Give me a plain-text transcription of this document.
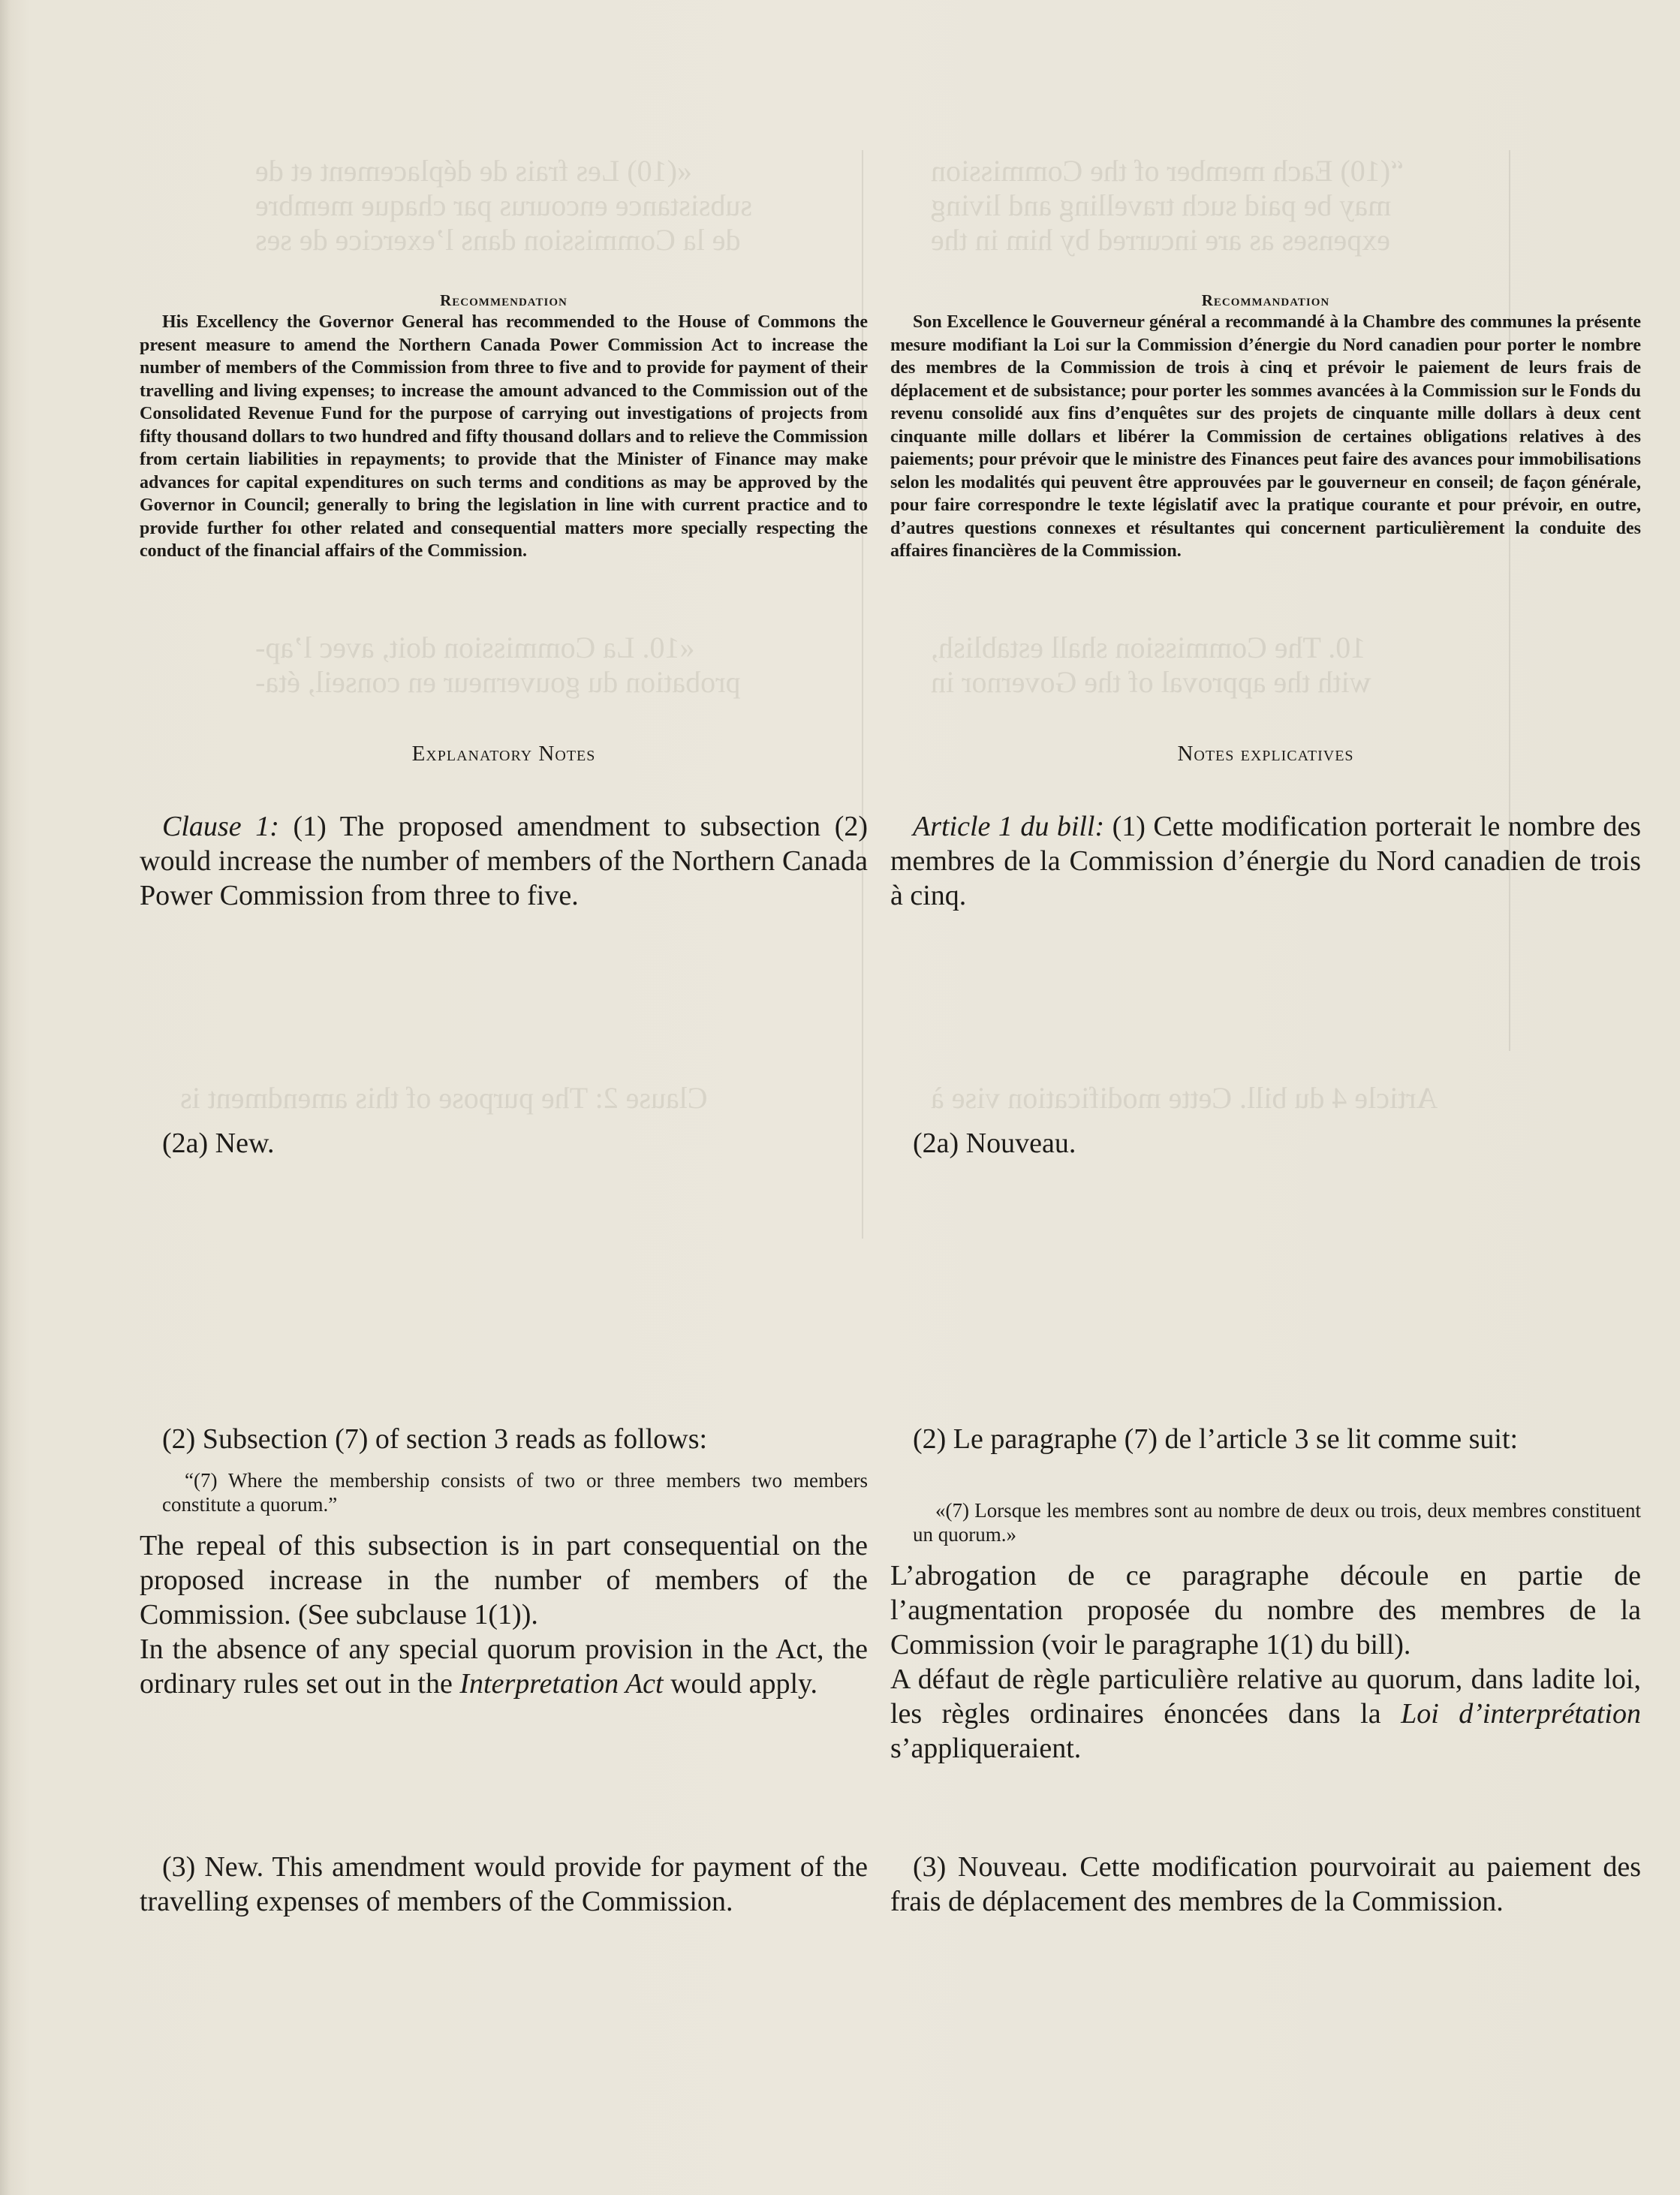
“(10) Each member of the Commission
may be paid such travelling and living
expenses as are incurred by him in the
«(10) Les frais de déplacement et de
subsistance encourus par chaque membre
de la Commission dans l’exercice de ses
10. The Commission shall establish,
with the approval of the Governor in
«10. La Commission doit, avec l’ap-
probation du gouverneur en conseil, éta-
Article 4 du bill. Cette modification vise à
Clause 2: The purpose of this amendment is
Recommendation
His Excellency the Governor General has recommended to the House of Commons the present measure to amend the Northern Canada Power Commission Act to increase the number of members of the Commission from three to five and to provide for payment of their travelling and living expenses; to increase the amount advanced to the Commission out of the Consolidated Revenue Fund for the purpose of carrying out investigations of projects from fifty thousand dollars to two hundred and fifty thousand dollars and to relieve the Commission from certain liabilities in repayments; to provide that the Minister of Finance may make advances for capital expenditures on such terms and conditions as may be approved by the Governor in Council; generally to bring the legislation in line with current practice and to provide further foı other related and consequential matters more specially respecting the conduct of the financial affairs of the Commission.
Explanatory Notes
Clause 1: (1) The proposed amendment to subsection (2) would increase the number of members of the Northern Canada Power Commission from three to five.
(2a) New.
(2) Subsection (7) of section 3 reads as follows:
“(7) Where the membership consists of two or three members two members constitute a quorum.”
The repeal of this subsection is in part consequential on the proposed increase in the number of members of the Commission. (See subclause 1(1)).
In the absence of any special quorum provision in the Act, the ordinary rules set out in the Interpretation Act would apply.
(3) New. This amendment would provide for payment of the travelling expenses of members of the Commission.
Recommandation
Son Excellence le Gouverneur général a recommandé à la Chambre des communes la présente mesure modifiant la Loi sur la Commission d’énergie du Nord canadien pour porter le nombre des membres de la Commission de trois à cinq et prévoir le paiement de leurs frais de déplacement et de subsistance; pour porter les sommes avancées à la Commission sur le Fonds du revenu consolidé aux fins d’enquêtes sur des projets de cinquante mille dollars à deux cent cinquante mille dollars et libérer la Commission de certaines obligations relatives à des paiements; pour prévoir que le ministre des Finances peut faire des avances pour immobilisations selon les modalités qui peuvent être approuvées par le gouverneur en conseil; de façon générale, pour faire correspondre le texte législatif avec la pratique courante et pour prévoir, en outre, d’autres questions connexes et résultantes qui concernent particulièrement la conduite des affaires financières de la Commission.
Notes explicatives
Article 1 du bill: (1) Cette modification porterait le nombre des membres de la Commission d’énergie du Nord canadien de trois à cinq.
(2a) Nouveau.
(2) Le paragraphe (7) de l’article 3 se lit comme suit:
«(7) Lorsque les membres sont au nombre de deux ou trois, deux membres constituent un quorum.»
L’abrogation de ce paragraphe découle en partie de l’augmentation proposée du nombre des membres de la Commission (voir le paragraphe 1(1) du bill).
A défaut de règle particulière relative au quorum, dans ladite loi, les règles ordinaires énoncées dans la Loi d’interprétation s’appliqueraient.
(3) Nouveau. Cette modification pourvoirait au paiement des frais de déplacement des membres de la Commission.
